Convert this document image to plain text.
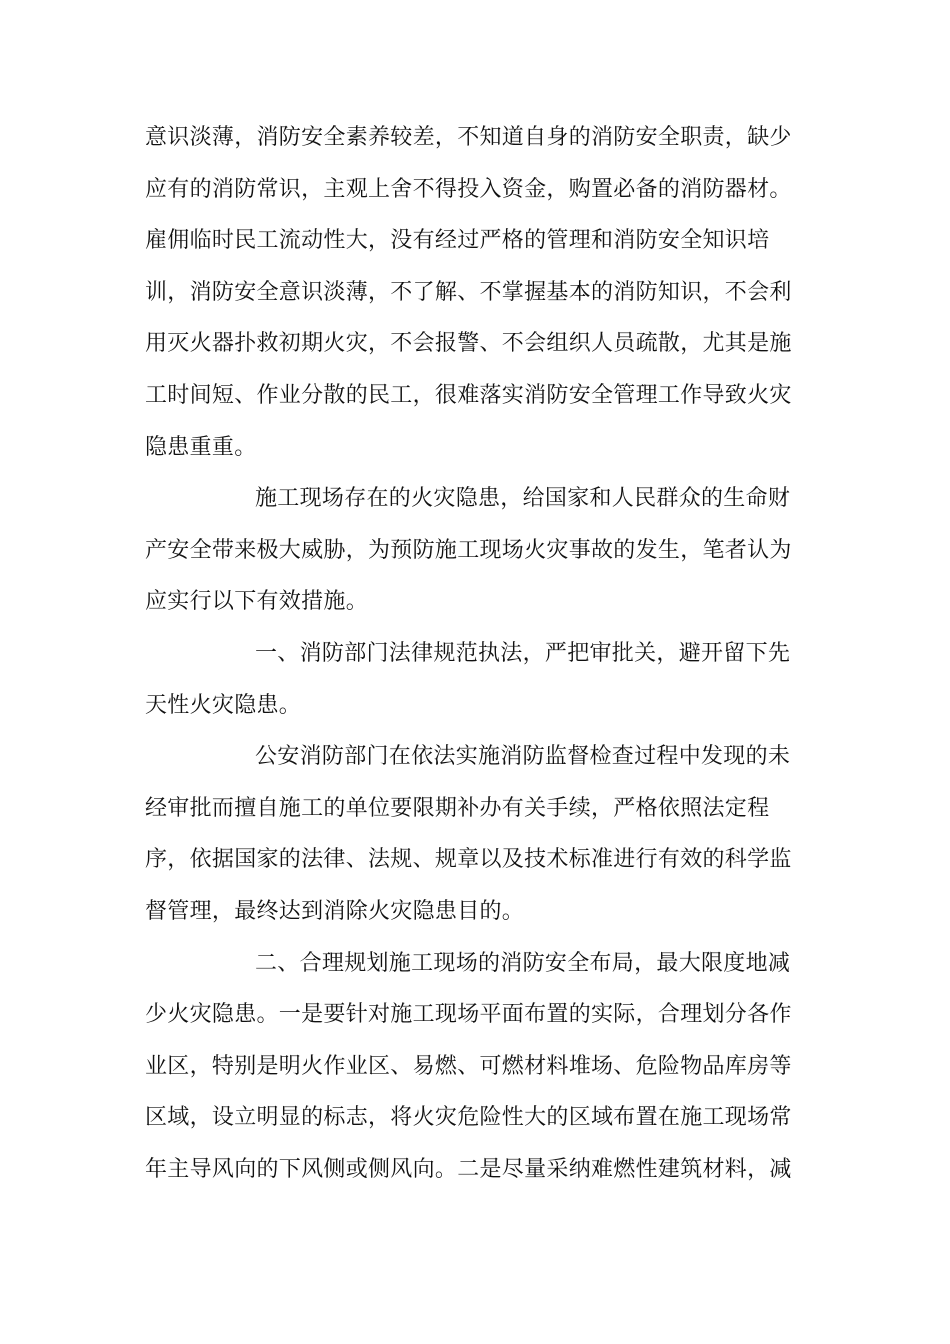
意识淡薄，消防安全素养较差，不知道自身的消防安全职责，缺少
应有的消防常识，主观上舍不得投入资金，购置必备的消防器材。
雇佣临时民工流动性大，没有经过严格的管理和消防安全知识培
训，消防安全意识淡薄，不了解、不掌握基本的消防知识，不会利
用灭火器扑救初期火灾，不会报警、不会组织人员疏散，尤其是施
工时间短、作业分散的民工，很难落实消防安全管理工作导致火灾
隐患重重。
施工现场存在的火灾隐患，给国家和人民群众的生命财
产安全带来极大威胁，为预防施工现场火灾事故的发生，笔者认为
应实行以下有效措施。
一、消防部门法律规范执法，严把审批关，避开留下先
天性火灾隐患。
公安消防部门在依法实施消防监督检查过程中发现的未
经审批而擅自施工的单位要限期补办有关手续，严格依照法定程
序，依据国家的法律、法规、规章以及技术标准进行有效的科学监
督管理，最终达到消除火灾隐患目的。
二、合理规划施工现场的消防安全布局，最大限度地减
少火灾隐患。一是要针对施工现场平面布置的实际，合理划分各作
业区，特别是明火作业区、易燃、可燃材料堆场、危险物品库房等
区域，设立明显的标志，将火灾危险性大的区域布置在施工现场常
年主导风向的下风侧或侧风向。二是尽量采纳难燃性建筑材料，减
